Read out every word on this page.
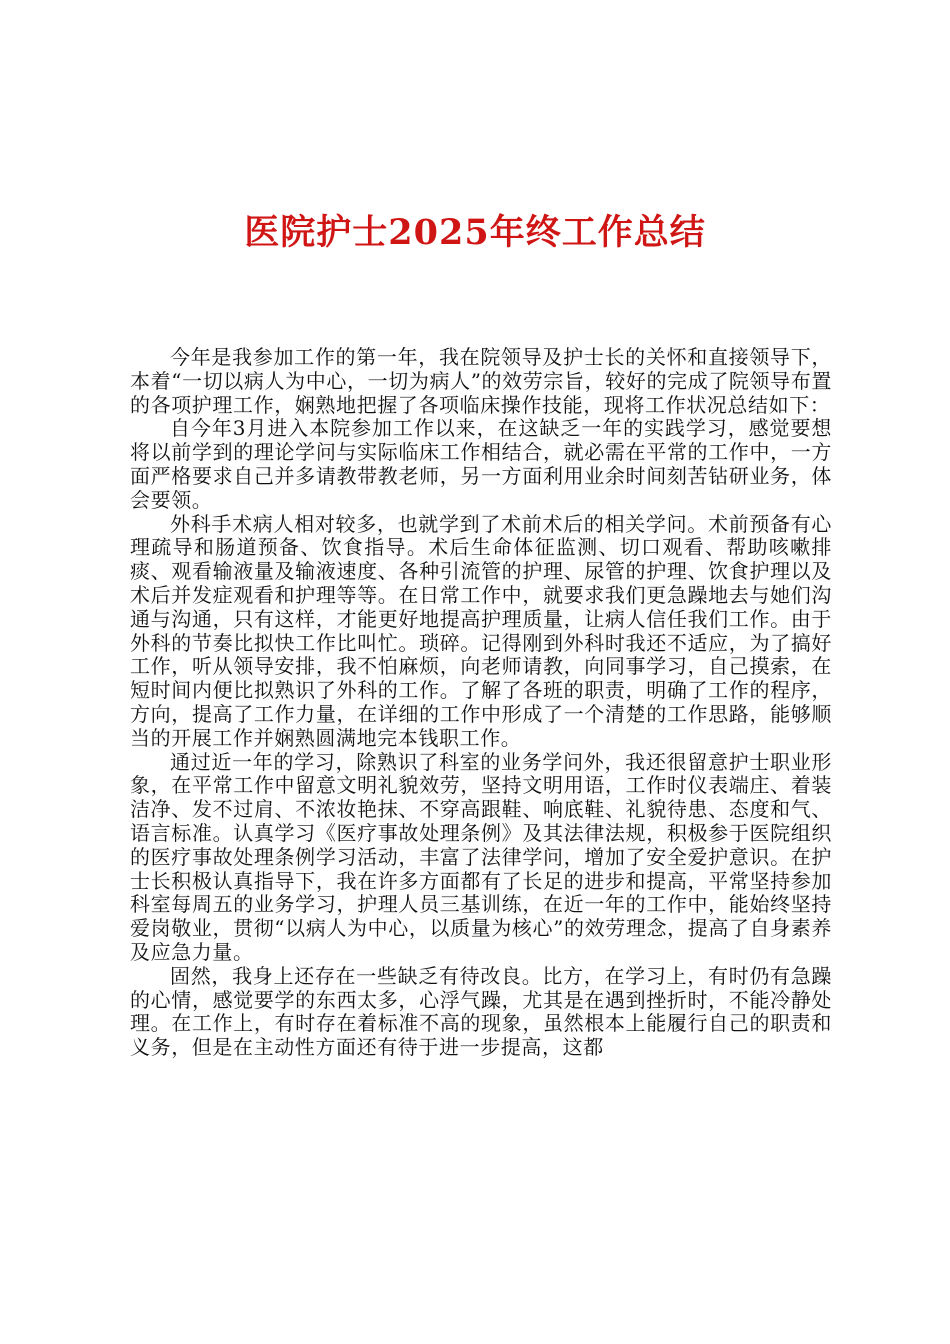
医院护士2025年终工作总结

今年是我参加工作的第一年，我在院领导及护士长的关怀和直接领导下，本着“一切以病人为中心，一切为病人”的效劳宗旨，较好的完成了院领导布置的各项护理工作，娴熟地把握了各项临床操作技能，现将工作状况总结如下：

自今年3月进入本院参加工作以来，在这缺乏一年的实践学习，感觉要想将以前学到的理论学问与实际临床工作相结合，就必需在平常的工作中，一方面严格要求自己并多请教带教老师，另一方面利用业余时间刻苦钻研业务，体会要领。

外科手术病人相对较多，也就学到了术前术后的相关学问。术前预备有心理疏导和肠道预备、饮食指导。术后生命体征监测、切口观看、帮助咳嗽排痰、观看输液量及输液速度、各种引流管的护理、尿管的护理、饮食护理以及术后并发症观看和护理等等。在日常工作中，就要求我们更急躁地去与她们沟通与沟通，只有这样，才能更好地提高护理质量，让病人信任我们工作。由于外科的节奏比拟快工作比叫忙。琐碎。记得刚到外科时我还不适应，为了搞好工作，听从领导安排，我不怕麻烦，向老师请教，向同事学习，自己摸索，在短时间内便比拟熟识了外科的工作。了解了各班的职责，明确了工作的程序，方向，提高了工作力量，在详细的工作中形成了一个清楚的工作思路，能够顺当的开展工作并娴熟圆满地完本钱职工作。

通过近一年的学习，除熟识了科室的业务学问外，我还很留意护士职业形象，在平常工作中留意文明礼貌效劳，坚持文明用语，工作时仪表端庄、着装洁净、发不过肩、不浓妆艳抹、不穿高跟鞋、响底鞋、礼貌待患、态度和气、语言标准。认真学习《医疗事故处理条例》及其法律法规，积极参于医院组织的医疗事故处理条例学习活动，丰富了法律学问，增加了安全爱护意识。在护士长积极认真指导下，我在许多方面都有了长足的进步和提高，平常坚持参加科室每周五的业务学习，护理人员三基训练，在近一年的工作中，能始终坚持爱岗敬业，贯彻“以病人为中心，以质量为核心”的效劳理念，提高了自身素养及应急力量。

固然，我身上还存在一些缺乏有待改良。比方，在学习上，有时仍有急躁的心情，感觉要学的东西太多，心浮气躁，尤其是在遇到挫折时，不能冷静处理。在工作上，有时存在着标准不高的现象，虽然根本上能履行自己的职责和义务，但是在主动性方面还有待于进一步提高，这都
